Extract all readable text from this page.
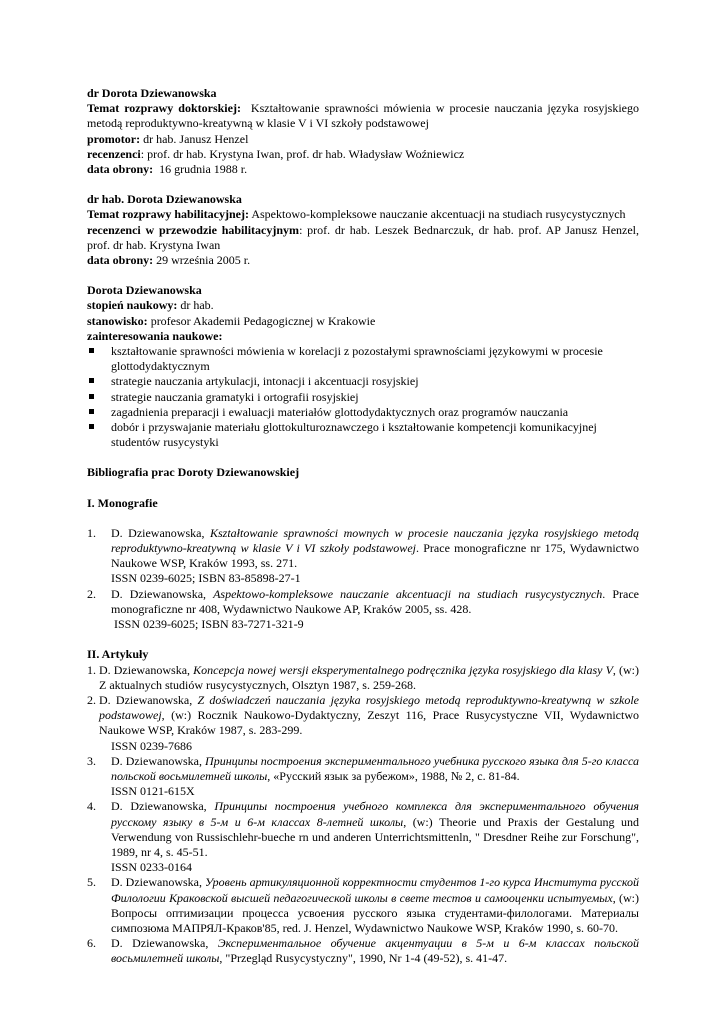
dr Dorota Dziewanowska

Temat rozprawy doktorskiej: Kształtowanie sprawności mówienia w procesie nauczania języka rosyjskiego metodą reproduktywno-kreatywną w klasie V i VI szkoły podstawowej

promotor: dr hab. Janusz Henzel

recenzenci: prof. dr hab. Krystyna Iwan, prof. dr hab. Władysław Woźniewicz

data obrony: 16 grudnia 1988 r.

dr hab. Dorota Dziewanowska

Temat rozprawy habilitacyjnej: Aspektowo-kompleksowe nauczanie akcentuacji na studiach rusycystycznych

recenzenci w przewodzie habilitacyjnym: prof. dr hab. Leszek Bednarczuk, dr hab. prof. AP Janusz Henzel, prof. dr hab. Krystyna Iwan

data obrony: 29 września 2005 r.

Dorota Dziewanowska

stopień naukowy: dr hab.

stanowisko: profesor Akademii Pedagogicznej w Krakowie

zainteresowania naukowe:

kształtowanie sprawności mówienia w korelacji z pozostałymi sprawnościami językowymi w procesie glottodydaktycznym
strategie nauczania artykulacji, intonacji i akcentuacji rosyjskiej
strategie nauczania gramatyki i ortografii rosyjskiej
zagadnienia preparacji i ewaluacji materiałów glottodydaktycznych oraz programów nauczania
dobór i przyswajanie materiału glottokulturoznawczego i kształtowanie kompetencji komunikacyjnej studentów rusycystyki

Bibliografia prac Doroty Dziewanowskiej

I. Monografie

1.	D. Dziewanowska, Kształtowanie sprawności mownych w procesie nauczania języka rosyjskiego metodą reproduktywno-kreatywną w klasie V i VI szkoły podstawowej. Prace monograficzne nr 175, Wydawnictwo Naukowe WSP, Kraków 1993, ss. 271.

ISSN 0239-6025; ISBN 83-85898-27-1

2.	D. Dziewanowska, Aspektowo-kompleksowe nauczanie akcentuacji na studiach rusycystycznych. Prace monograficzne nr 408, Wydawnictwo Naukowe AP, Kraków 2005, ss. 428.

ISSN 0239-6025; ISBN 83-7271-321-9

II. Artykuły

1. D. Dziewanowska, Koncepcja nowej wersji eksperymentalnego podręcznika języka rosyjskiego dla klasy V, (w:) Z aktualnych studiów rusycystycznych, Olsztyn 1987, s. 259-268.

2. D. Dziewanowska, Z doświadczeń nauczania języka rosyjskiego metodą reproduktywno-kreatywną w szkole podstawowej, (w:) Rocznik Naukowo-Dydaktyczny, Zeszyt 116, Prace Rusycystyczne VII, Wydawnictwo Naukowe WSP, Kraków 1987, s. 283-299.

ISSN 0239-7686

3.	D. Dziewanowska, Принципы построения экспериментального учебника русского языка для 5-го класса польской восьмилетней школы, «Русский язык за рубежом», 1988, № 2, с. 81-84.

ISSN 0121-615X

4.	D. Dziewanowska, Принципы построения учебного комплекса для экспериментального обучения русскому языку в 5-м и 6-м классах 8-летней школы, (w:) Theorie und Praxis der Gestalung und Verwendung von Russischlehr-bueche rn und anderen Unterrichtsmittenln, " Dresdner Reihe zur Forschung", 1989, nr 4, s. 45-51.

ISSN 0233-0164

5.	D. Dziewanowska, Уровень артикуляционной корректности студентов 1-го курса Института русской Филологии Краковской высшей педагогической школы в свете тестов и самооценки испытуемых, (w:) Вопросы оптимизации процесса усвоения русского языка студентами-филологами. Материалы симпозюма МАПРЯЛ-Краков'85, red. J. Henzel, Wydawnictwo Naukowe WSP, Kraków 1990, s. 60-70.

6.	D. Dziewanowska, Экспериментальное обучение акцентуации в 5-м и 6-м классах польской восьмилетней школы, "Przegląd Rusycystyczny", 1990, Nr 1-4 (49-52), s. 41-47.
